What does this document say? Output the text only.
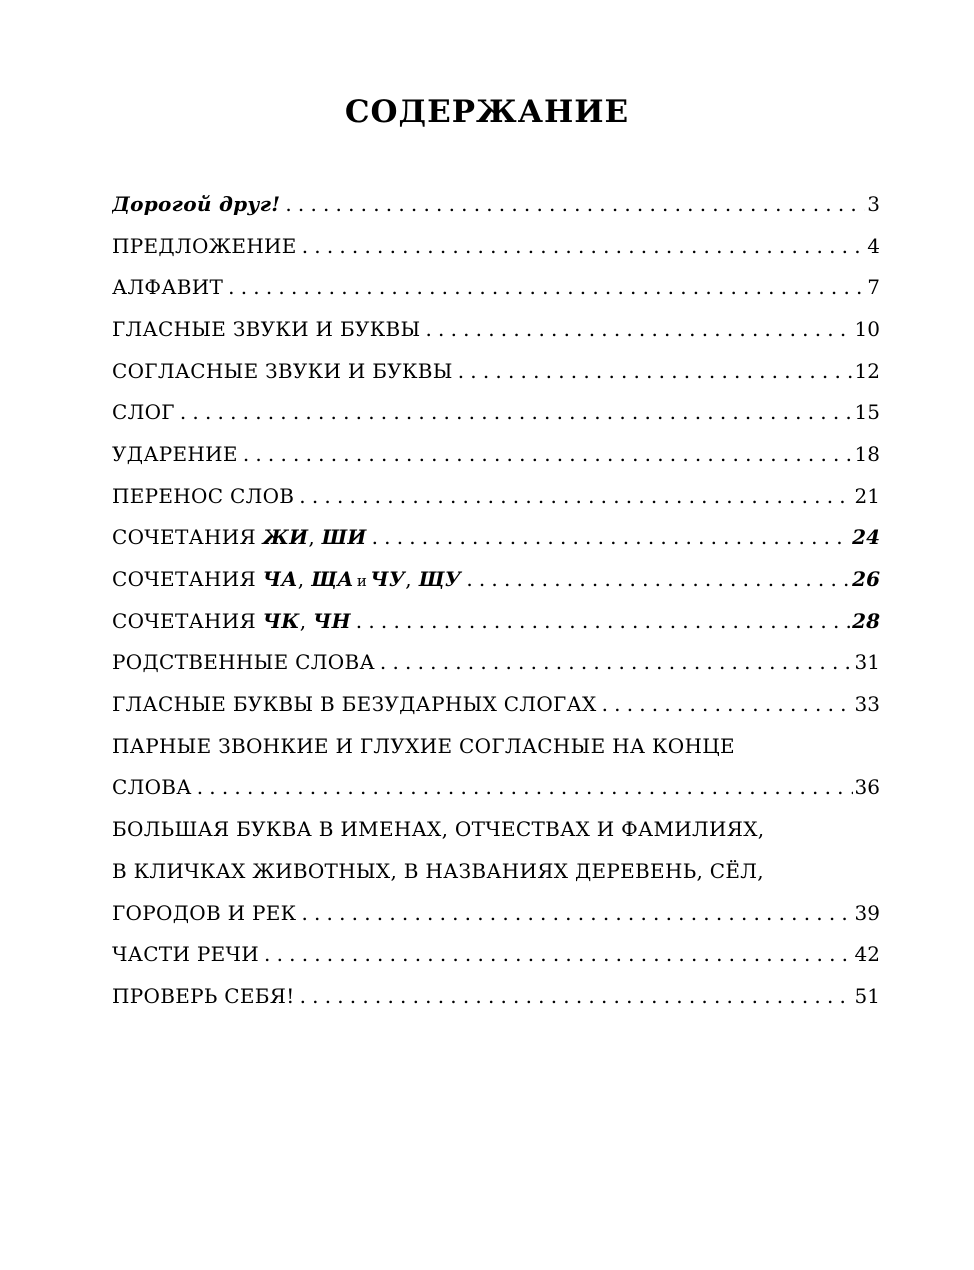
СОДЕРЖАНИЕ
Дорогой друг! .....	3
ПРЕДЛОЖЕНИЕ .....	4
АЛФАВИТ .....	7
ГЛАСНЫЕ ЗВУКИ И БУКВЫ .....	10
СОГЛАСНЫЕ ЗВУКИ И БУКВЫ .....	12
СЛОГ .....	15
УДАРЕНИЕ .....	18
ПЕРЕНОС СЛОВ .....	21
СОЧЕТАНИЯ ЖИ, ШИ .....	24
СОЧЕТАНИЯ ЧА, ЩА и ЧУ, ЩУ .....	26
СОЧЕТАНИЯ ЧК, ЧН .....	28
РОДСТВЕННЫЕ СЛОВА .....	31
ГЛАСНЫЕ БУКВЫ В БЕЗУДАРНЫХ СЛОГАХ .....	33
ПАРНЫЕ ЗВОНКИЕ И ГЛУХИЕ СОГЛАСНЫЕ НА КОНЦЕ
СЛОВА .....	36
БОЛЬШАЯ БУКВА В ИМЕНАХ, ОТЧЕСТВАХ И ФАМИЛИЯХ,
В КЛИЧКАХ ЖИВОТНЫХ, В НАЗВАНИЯХ ДЕРЕВЕНЬ, СЁЛ,
ГОРОДОВ И РЕК .....	39
ЧАСТИ РЕЧИ .....	42
ПРОВЕРЬ СЕБЯ! .....	51
